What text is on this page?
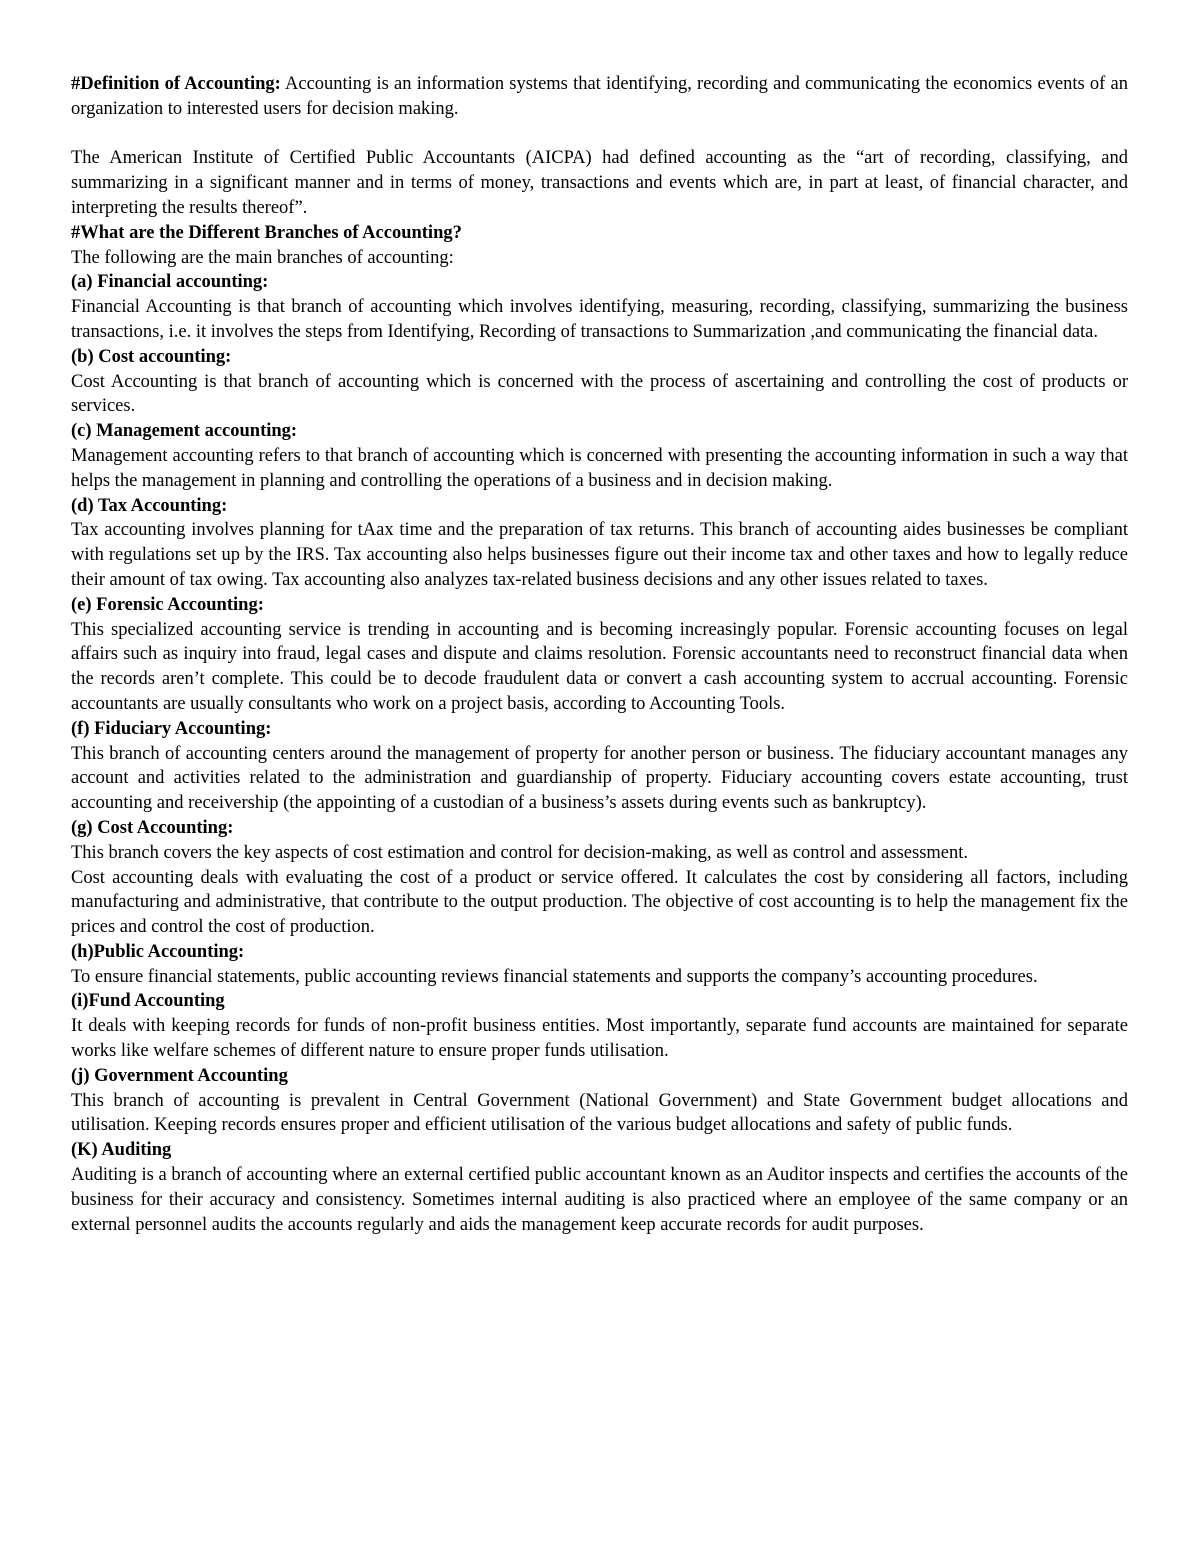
#Definition of Accounting: Accounting is an information systems that identifying, recording and communicating the economics events of an organization to interested users for decision making.

The American Institute of Certified Public Accountants (AICPA) had defined accounting as the “art of recording, classifying, and summarizing in a significant manner and in terms of money, transactions and events which are, in part at least, of financial character, and interpreting the results thereof”.

#What are the Different Branches of Accounting?

The following are the main branches of accounting:

(a) Financial accounting:

Financial Accounting is that branch of accounting which involves identifying, measuring, recording, classifying, summarizing the business transactions, i.e. it involves the steps from Identifying, Recording of transactions to Summarization ,and communicating the financial data.

(b) Cost accounting:

Cost Accounting is that branch of accounting which is concerned with the process of ascertaining and controlling the cost of products or services.

(c) Management accounting:

Management accounting refers to that branch of accounting which is concerned with presenting the accounting information in such a way that helps the management in planning and controlling the operations of a business and in decision making.

(d) Tax Accounting:

Tax accounting involves planning for tAax time and the preparation of tax returns. This branch of accounting aides businesses be compliant with regulations set up by the IRS. Tax accounting also helps businesses figure out their income tax and other taxes and how to legally reduce their amount of tax owing. Tax accounting also analyzes tax-related business decisions and any other issues related to taxes.

(e) Forensic Accounting:

This specialized accounting service is trending in accounting and is becoming increasingly popular. Forensic accounting focuses on legal affairs such as inquiry into fraud, legal cases and dispute and claims resolution. Forensic accountants need to reconstruct financial data when the records aren’t complete. This could be to decode fraudulent data or convert a cash accounting system to accrual accounting. Forensic accountants are usually consultants who work on a project basis, according to Accounting Tools.

(f) Fiduciary Accounting:

This branch of accounting centers around the management of property for another person or business. The fiduciary accountant manages any account and activities related to the administration and guardianship of property. Fiduciary accounting covers estate accounting, trust accounting and receivership (the appointing of a custodian of a business’s assets during events such as bankruptcy).

(g) Cost Accounting:

This branch covers the key aspects of cost estimation and control for decision-making, as well as control and assessment.

Cost accounting deals with evaluating the cost of a product or service offered. It calculates the cost by considering all factors, including manufacturing and administrative, that contribute to the output production. The objective of cost accounting is to help the management fix the prices and control the cost of production.

(h)Public Accounting:

To ensure financial statements, public accounting reviews financial statements and supports the company’s accounting procedures.

(i)Fund Accounting

It deals with keeping records for funds of non-profit business entities. Most importantly, separate fund accounts are maintained for separate works like welfare schemes of different nature to ensure proper funds utilisation.

(j) Government Accounting

This branch of accounting is prevalent in Central Government (National Government) and State Government budget allocations and utilisation. Keeping records ensures proper and efficient utilisation of the various budget allocations and safety of public funds.

(K) Auditing

Auditing is a branch of accounting where an external certified public accountant known as an Auditor inspects and certifies the accounts of the business for their accuracy and consistency. Sometimes internal auditing is also practiced where an employee of the same company or an external personnel audits the accounts regularly and aids the management keep accurate records for audit purposes.
